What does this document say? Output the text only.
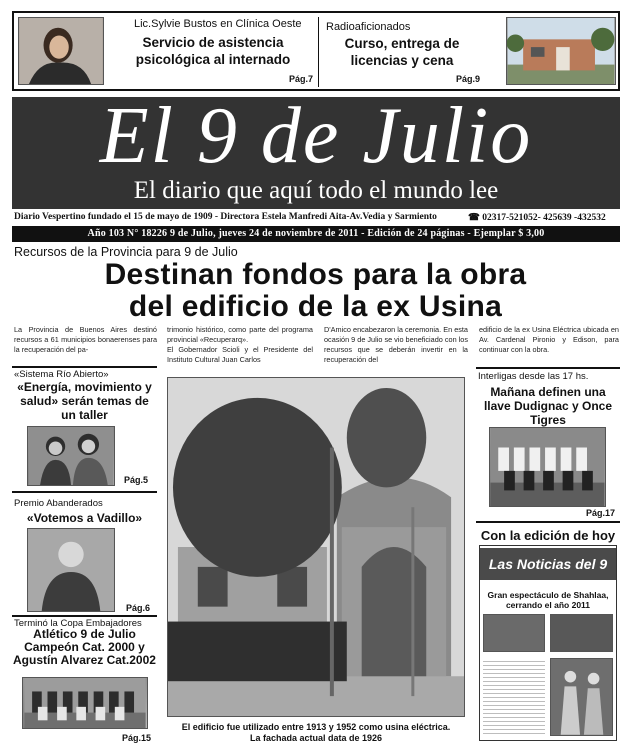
Lic.Sylvie Bustos en Clínica Oeste
Servicio de asistencia psicológica al internado
Pág.7
Radioaficionados
Curso, entrega de licencias y cena
Pág.9
El 9 de Julio
El diario que aquí todo el mundo lee
Diario Vespertino fundado el 15 de mayo de 1909 - Directora Estela Manfredi Aita-Av.Vedia y Sarmiento	☎ 02317-521052- 425639 -432532
Año 103 N° 18226 9 de Julio, jueves 24 de noviembre de 2011 - Edición de 24 páginas - Ejemplar $ 3,00
Recursos de la Provincia para 9 de Julio
Destinan fondos para la obra
del edificio de la ex Usina
La Provincia de Buenos Aires destinó recursos a 61 municipios bonaerenses para la recuperación del pa-
trimonio histórico, como parte del programa provincial «Recuperarq».
El Gobernador Scioli y el Presidente del Instituto Cultural Juan Carlos
D'Amico encabezaron la ceremonia. En esta ocasión 9 de Julio se vio beneficiado con los recursos que se deberán invertir en la recuperación del
edificio de la ex Usina Eléctrica ubicada en Av. Cardenal Pironio y Edison, para continuar con la obra.
El edificio fue utilizado entre 1913 y 1952 como usina eléctrica.
La fachada actual data de 1926
«Sistema Río Abierto»
«Energía, movimiento y salud» serán temas de un taller
Pág.5
Premio Abanderados
«Votemos a Vadillo»
Pág.6
Terminó la Copa Embajadores
Atlético 9 de Julio Campeón Cat. 2000 y Agustín Alvarez Cat.2002
Pág.15
Interligas desde las 17 hs.
Mañana definen una llave Dudignac y Once Tigres
Pág.17
Con la edición de hoy
Las Noticias del 9
Gran espectáculo de Shahlaa, cerrando el año 2011
